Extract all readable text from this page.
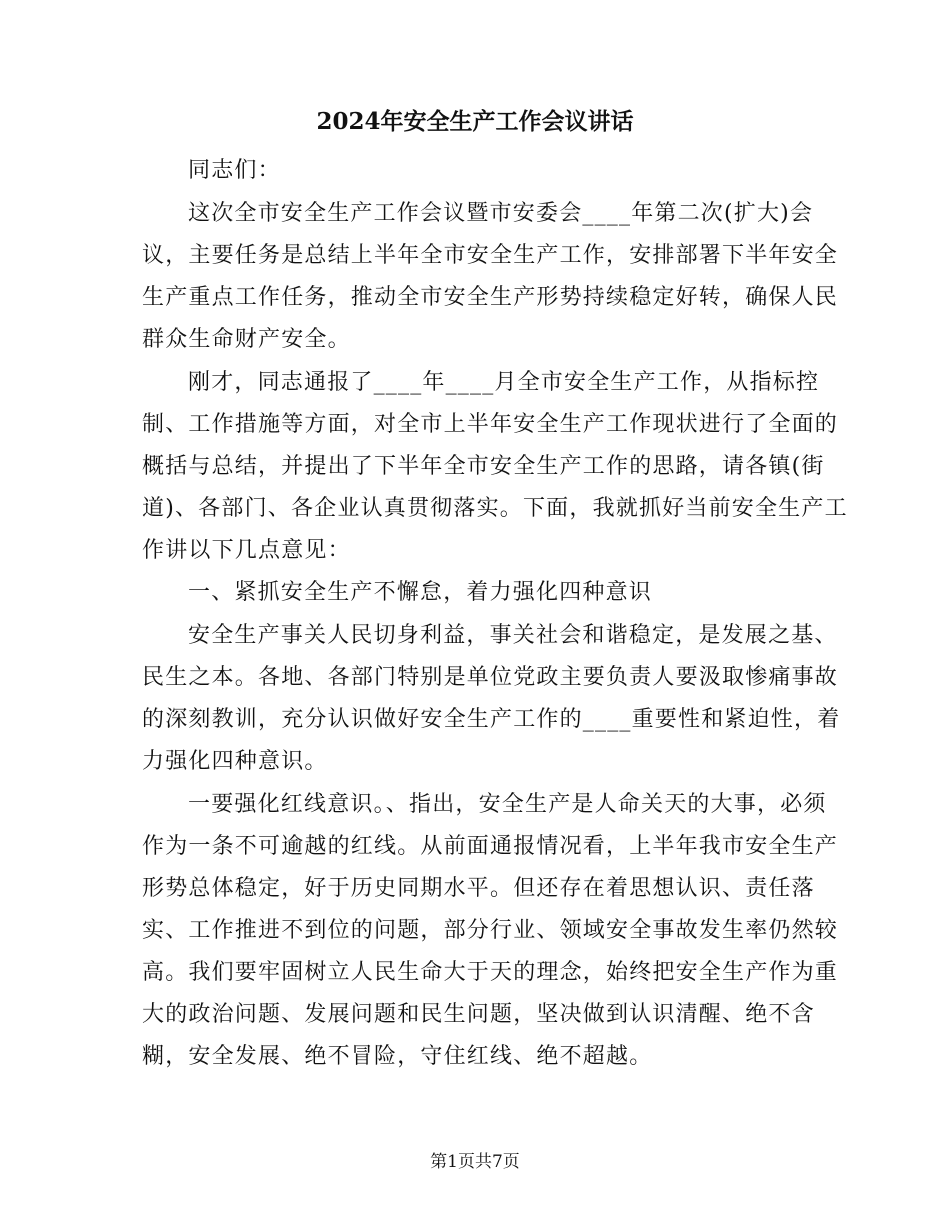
2024年安全生产工作会议讲话
同志们：
这次全市安全生产工作会议暨市安委会____年第二次(扩大)会
议，主要任务是总结上半年全市安全生产工作，安排部署下半年安全
生产重点工作任务，推动全市安全生产形势持续稳定好转，确保人民
群众生命财产安全。
刚才，同志通报了____年____月全市安全生产工作，从指标控
制、工作措施等方面，对全市上半年安全生产工作现状进行了全面的
概括与总结，并提出了下半年全市安全生产工作的思路，请各镇(街
道)、各部门、各企业认真贯彻落实。下面，我就抓好当前安全生产工
作讲以下几点意见：
一、紧抓安全生产不懈怠，着力强化四种意识
安全生产事关人民切身利益，事关社会和谐稳定，是发展之基、
民生之本。各地、各部门特别是单位党政主要负责人要汲取惨痛事故
的深刻教训，充分认识做好安全生产工作的____重要性和紧迫性，着
力强化四种意识。
一要强化红线意识。、指出，安全生产是人命关天的大事，必须
作为一条不可逾越的红线。从前面通报情况看，上半年我市安全生产
形势总体稳定，好于历史同期水平。但还存在着思想认识、责任落
实、工作推进不到位的问题，部分行业、领域安全事故发生率仍然较
高。我们要牢固树立人民生命大于天的理念，始终把安全生产作为重
大的政治问题、发展问题和民生问题，坚决做到认识清醒、绝不含
糊，安全发展、绝不冒险，守住红线、绝不超越。
第1页共7页
